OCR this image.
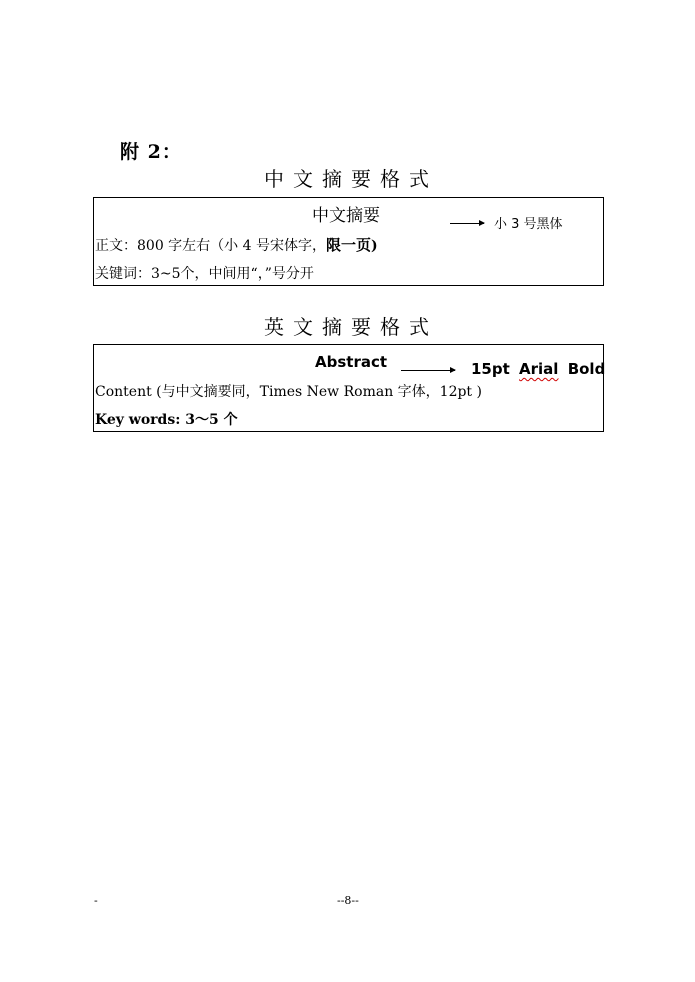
附 2：
中文摘要格式
中文摘要	小 3 号黑体
正文：800 字左右（小 4 号宋体字，限一页)
关键词：3~5个，中间用“，”号分开
英文摘要格式
Abstract	15pt Arial Bold
Content (与中文摘要同，Times New Roman 字体，12pt )
Key words: 3～5 个
-	--8--
